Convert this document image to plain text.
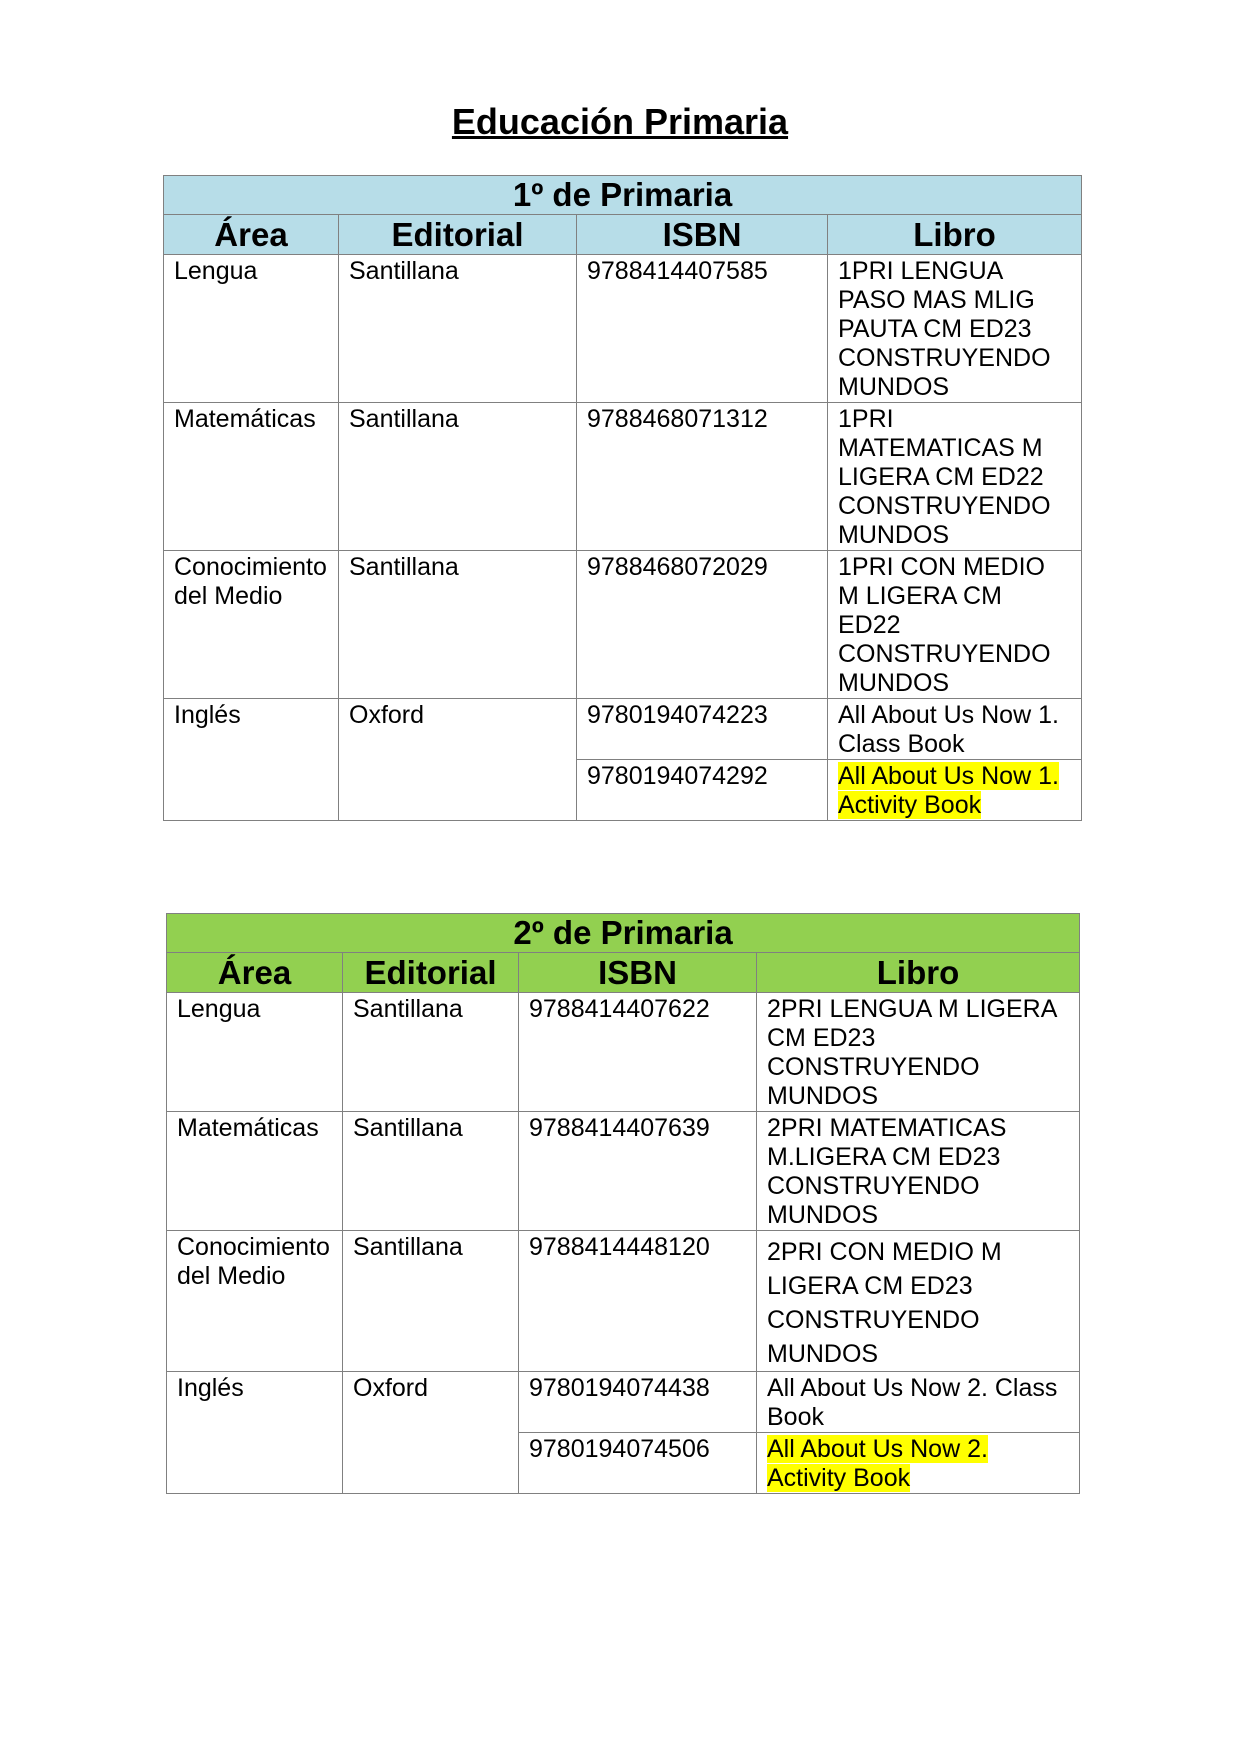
Educación Primaria
1º de Primaria			
Área	Editorial	ISBN	Libro
Lengua	Santillana	9788414407585	1PRI LENGUA PASO MAS MLIG PAUTA CM ED23 CONSTRUYENDO MUNDOS
Matemáticas	Santillana	9788468071312	1PRI MATEMATICAS M LIGERA CM ED22 CONSTRUYENDO MUNDOS
Conocimiento del Medio	Santillana	9788468072029	1PRI CON MEDIO M LIGERA CM ED22 CONSTRUYENDO MUNDOS
Inglés	Oxford	9780194074223	All About Us Now 1. Class Book
		9780194074292	All About Us Now 1. Activity Book
2º de Primaria			
Área	Editorial	ISBN	Libro
Lengua	Santillana	9788414407622	2PRI LENGUA M LIGERA CM ED23 CONSTRUYENDO MUNDOS
Matemáticas	Santillana	9788414407639	2PRI MATEMATICAS M.LIGERA CM ED23 CONSTRUYENDO MUNDOS
Conocimiento del Medio	Santillana	9788414448120	2PRI CON MEDIO M LIGERA CM ED23 CONSTRUYENDO MUNDOS
Inglés	Oxford	9780194074438	All About Us Now 2. Class Book
		9780194074506	All About Us Now 2. Activity Book
